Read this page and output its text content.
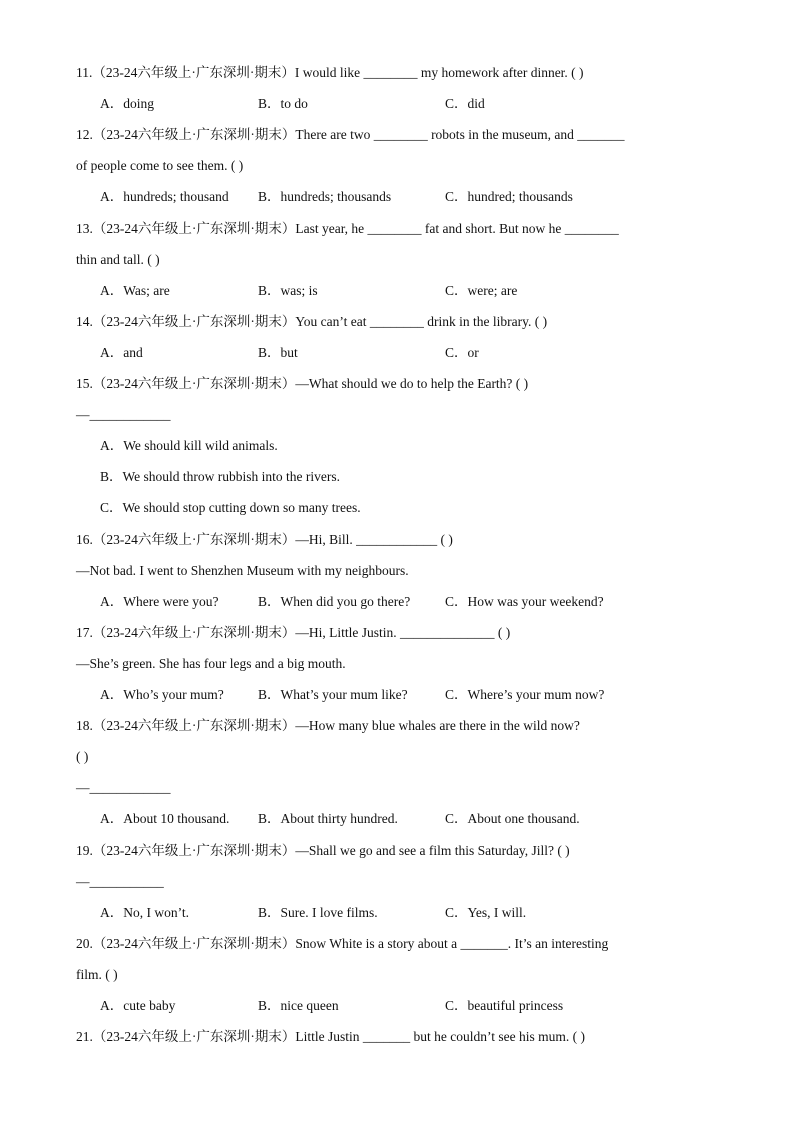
11.（23-24六年级上·广东深圳·期末）I would like ________ my homework after dinner. ( )
A．doing	B．to do	C．did
12.（23-24六年级上·广东深圳·期末）There are two ________ robots in the museum, and _______
of people come to see them. ( )
A．hundreds; thousand B．hundreds; thousands	C．hundred; thousands
13.（23-24六年级上·广东深圳·期末）Last year, he ________ fat and short. But now he ________
thin and tall. ( )
A．Was; are	B．was; is	C．were; are
14.（23-24六年级上·广东深圳·期末）You can’t eat ________ drink in the library. ( )
A．and	B．but	C．or
15.（23-24六年级上·广东深圳·期末）—What should we do to help the Earth? ( )
—____________
A．We should kill wild animals.
B．We should throw rubbish into the rivers.
C．We should stop cutting down so many trees.
16.（23-24六年级上·广东深圳·期末）—Hi, Bill. ____________ ( )
—Not bad. I went to Shenzhen Museum with my neighbours.
A．Where were you?	B．When did you go there?	C．How was your weekend?
17.（23-24六年级上·广东深圳·期末）—Hi, Little Justin. ______________ ( )
—She’s green. She has four legs and a big mouth.
A．Who’s your mum?	B．What’s your mum like?	C．Where’s your mum now?
18.（23-24六年级上·广东深圳·期末）—How many blue whales are there in the wild now?
( )
—____________
A．About 10 thousand. B．About thirty hundred.	C．About one thousand.
19.（23-24六年级上·广东深圳·期末）—Shall we go and see a film this Saturday, Jill? ( )
—___________
A．No, I won’t.	B．Sure. I love films.	C．Yes, I will.
20.（23-24六年级上·广东深圳·期末）Snow White is a story about a _______. It’s an interesting
film. ( )
A．cute baby	B．nice queen	C．beautiful princess
21.（23-24六年级上·广东深圳·期末）Little Justin _______ but he couldn’t see his mum. ( )
